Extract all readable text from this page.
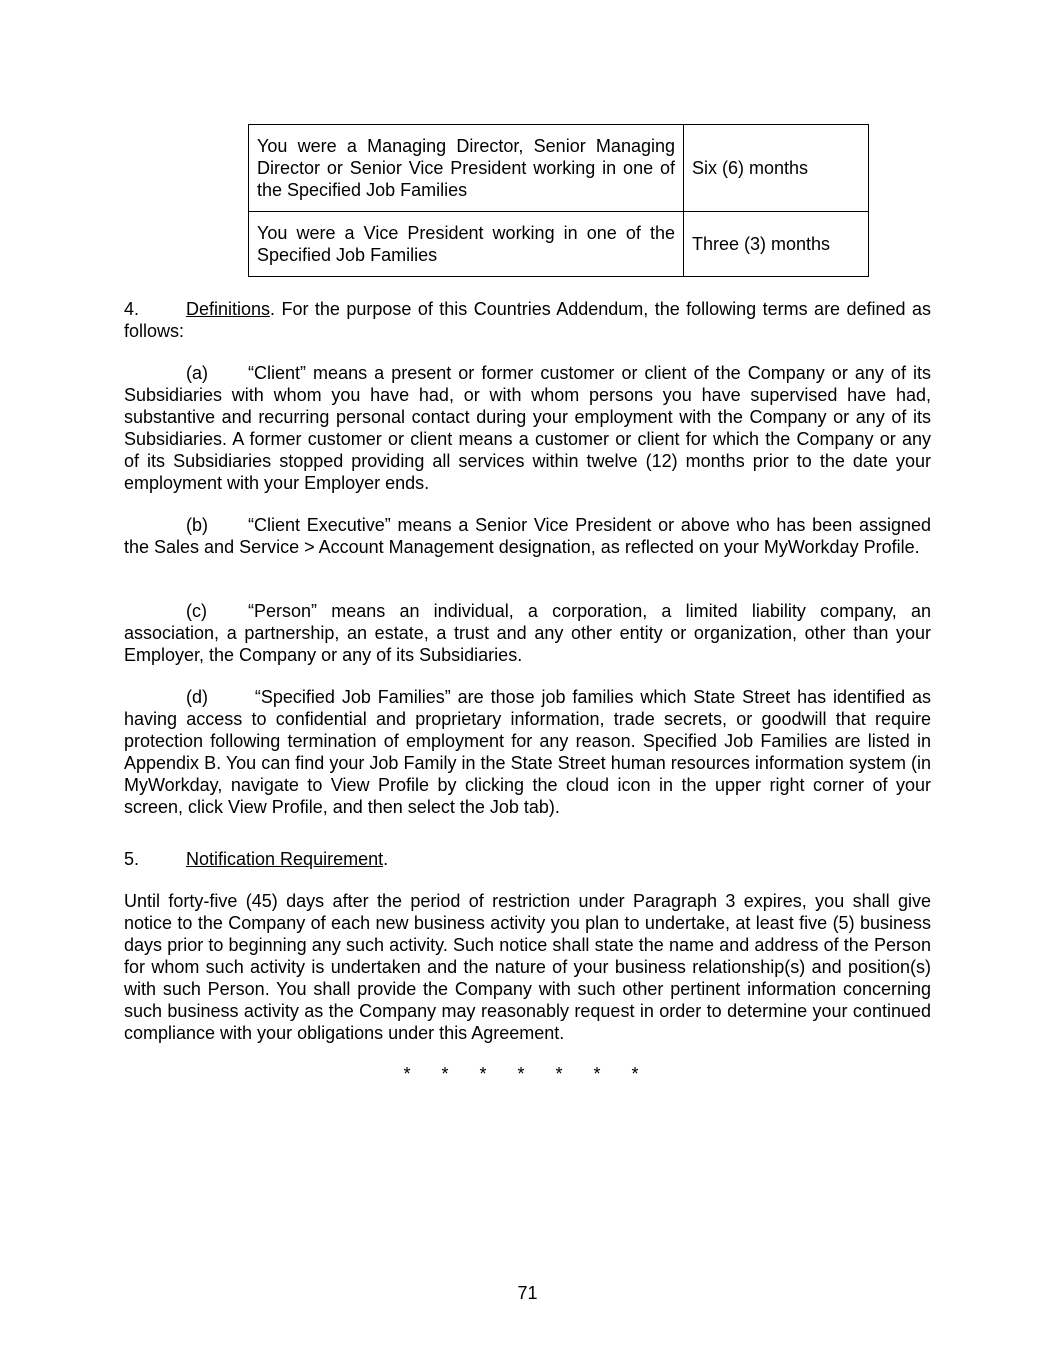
You were a Managing Director, Senior Managing Director or Senior Vice President working in one of the Specified Job Families	Six (6) months
You were a Vice President working in one of the Specified Job Families	Three (3) months
4.	Definitions. For the purpose of this Countries Addendum, the following terms are defined as follows:
(a) “Client” means a present or former customer or client of the Company or any of its Subsidiaries with whom you have had, or with whom persons you have supervised have had, substantive and recurring personal contact during your employment with the Company or any of its Subsidiaries. A former customer or client means a customer or client for which the Company or any of its Subsidiaries stopped providing all services within twelve (12) months prior to the date your employment with your Employer ends.
(b) “Client Executive” means a Senior Vice President or above who has been assigned the Sales and Service > Account Management designation, as reflected on your MyWorkday Profile.
(c) “Person” means an individual, a corporation, a limited liability company, an association, a partnership, an estate, a trust and any other entity or organization, other than your Employer, the Company or any of its Subsidiaries.
(d) “Specified Job Families” are those job families which State Street has identified as having access to confidential and proprietary information, trade secrets, or goodwill that require protection following termination of employment for any reason. Specified Job Families are listed in Appendix B. You can find your Job Family in the State Street human resources information system (in MyWorkday, navigate to View Profile by clicking the cloud icon in the upper right corner of your screen, click View Profile, and then select the Job tab).
5.	Notification Requirement.
Until forty-five (45) days after the period of restriction under Paragraph 3 expires, you shall give notice to the Company of each new business activity you plan to undertake, at least five (5) business days prior to beginning any such activity. Such notice shall state the name and address of the Person for whom such activity is undertaken and the nature of your business relationship(s) and position(s) with such Person. You shall provide the Company with such other pertinent information concerning such business activity as the Company may reasonably request in order to determine your continued compliance with your obligations under this Agreement.
* * * * * * *
71
